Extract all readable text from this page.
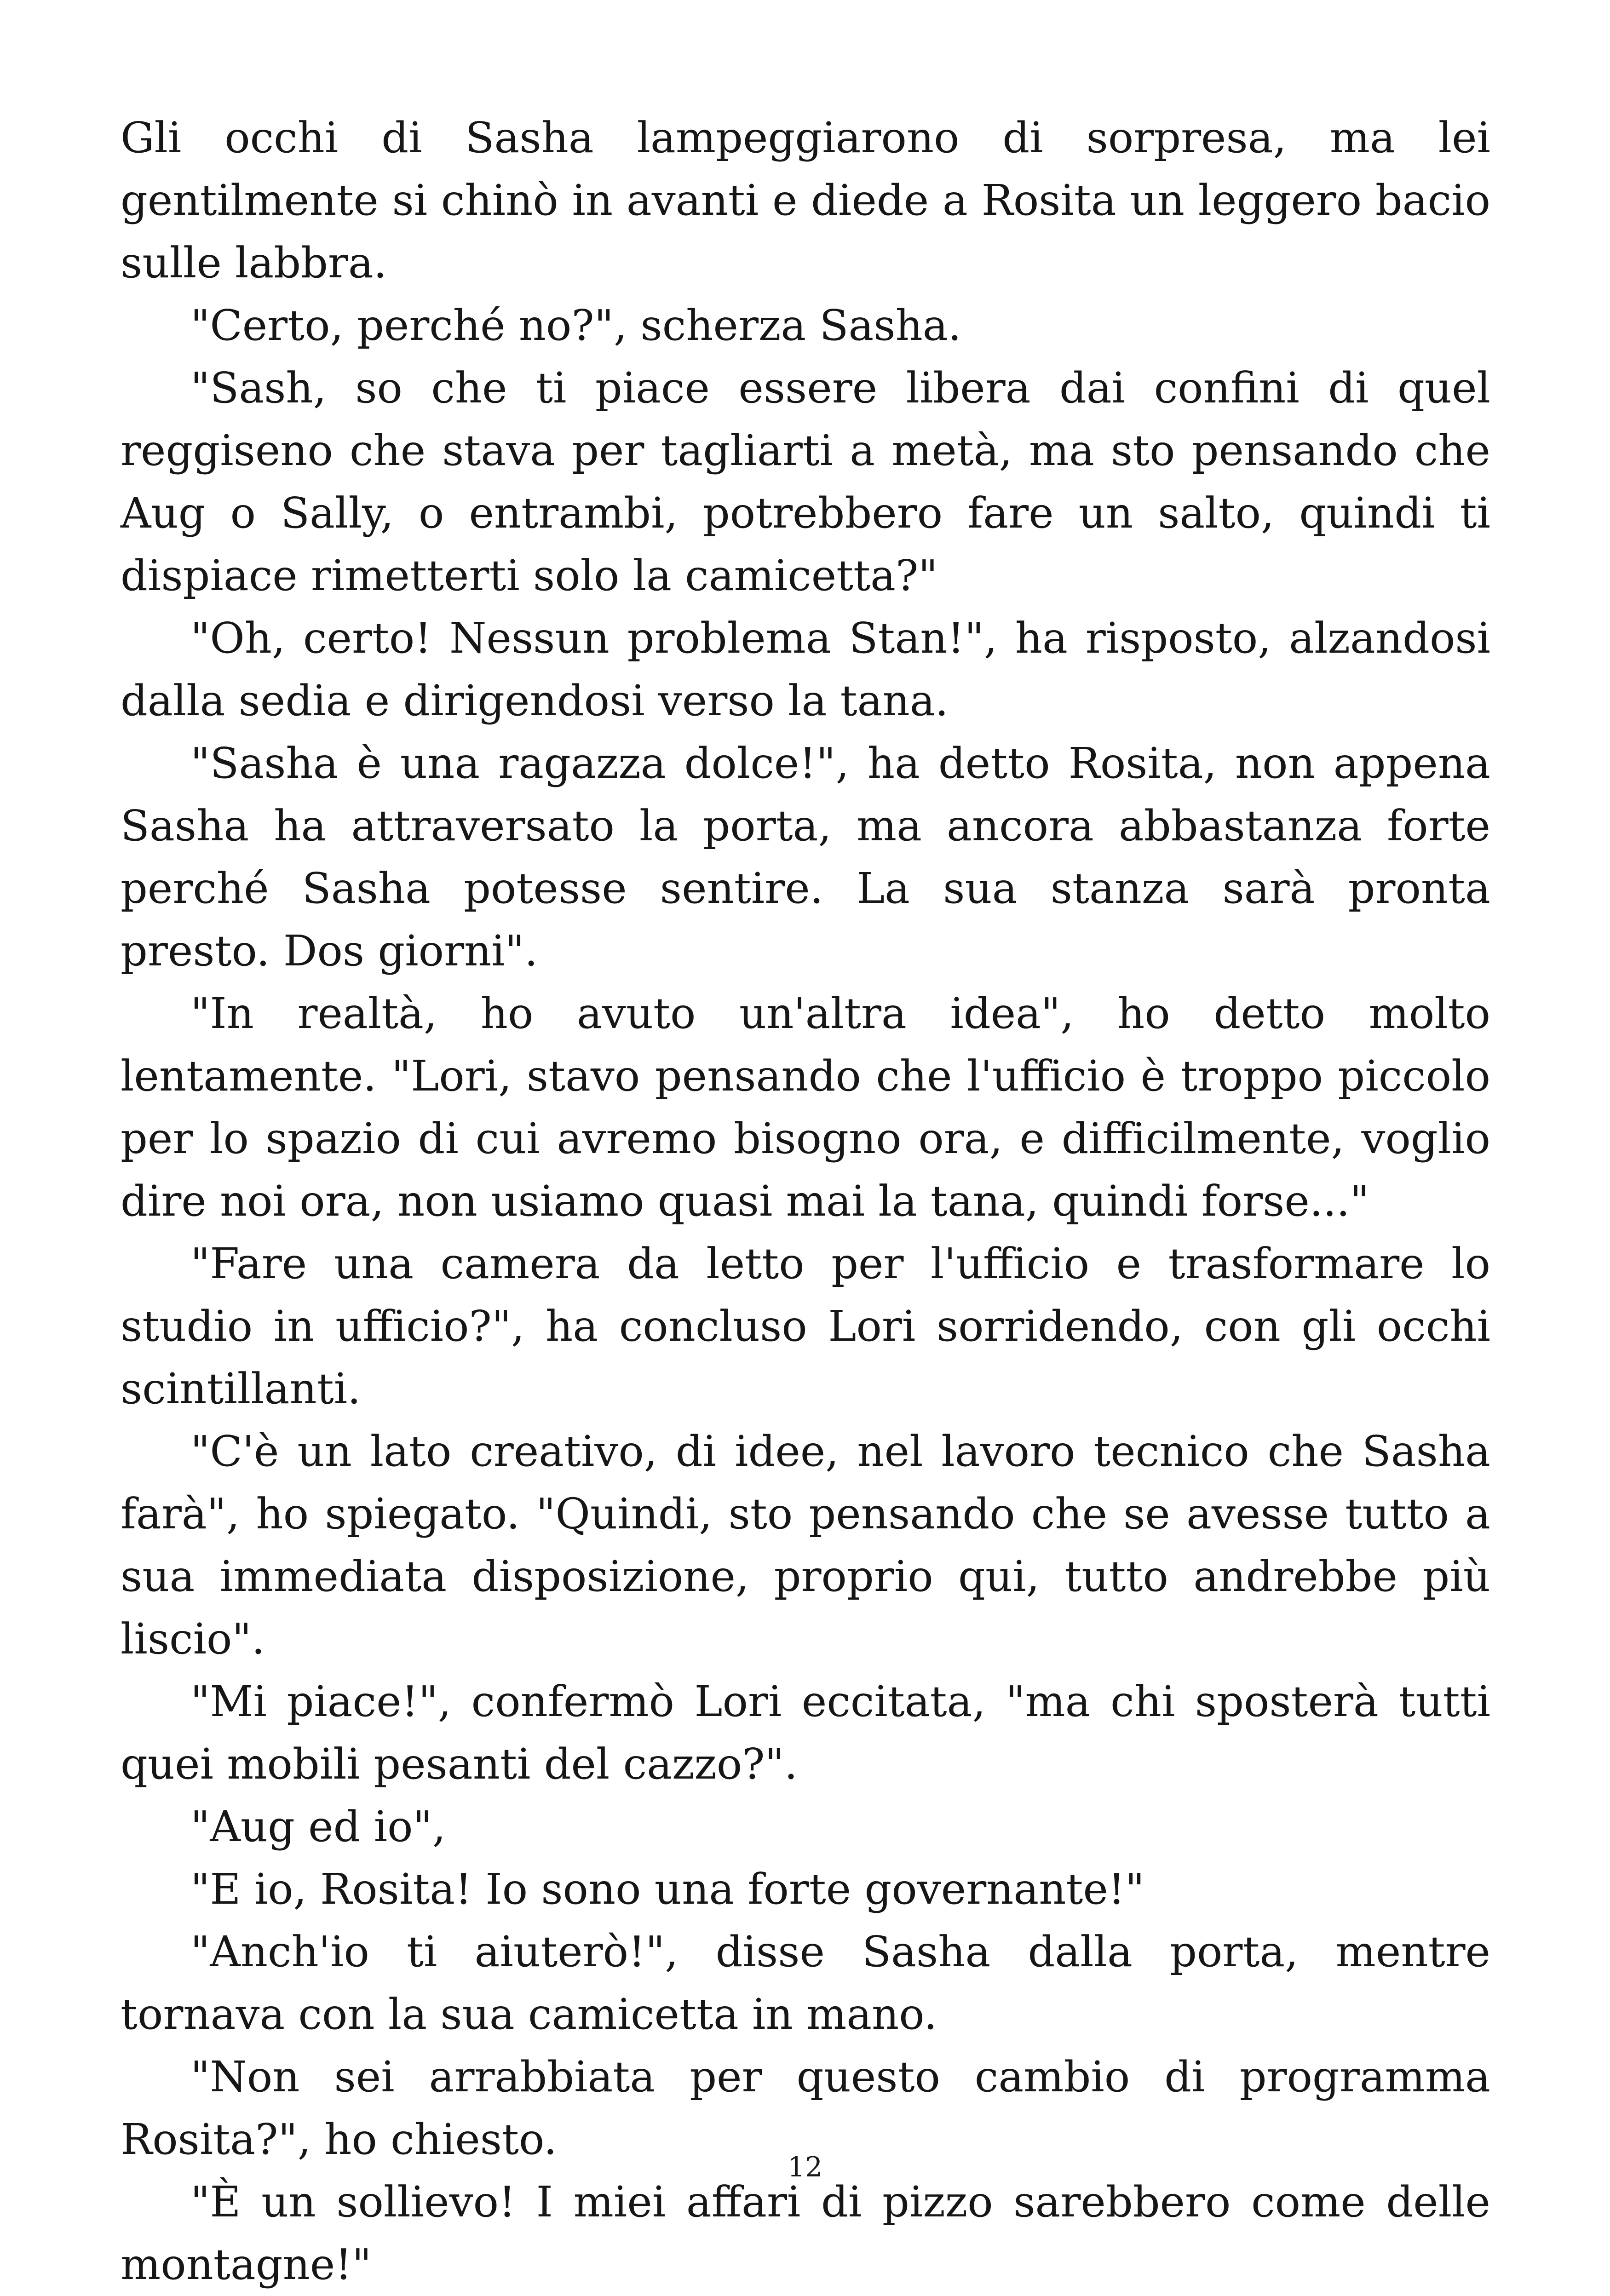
Gli occhi di Sasha lampeggiarono di sorpresa, ma lei gentilmente si chinò in avanti e diede a Rosita un leggero bacio sulle labbra.

"Certo, perché no?", scherza Sasha.

"Sash, so che ti piace essere libera dai confini di quel reggiseno che stava per tagliarti a metà, ma sto pensando che Aug o Sally, o entrambi, potrebbero fare un salto, quindi ti dispiace rimetterti solo la camicetta?"

"Oh, certo! Nessun problema Stan!", ha risposto, alzandosi dalla sedia e dirigendosi verso la tana.

"Sasha è una ragazza dolce!", ha detto Rosita, non appena Sasha ha attraversato la porta, ma ancora abbastanza forte perché Sasha potesse sentire. La sua stanza sarà pronta presto. Dos giorni".

"In realtà, ho avuto un'altra idea", ho detto molto lentamente. "Lori, stavo pensando che l'ufficio è troppo piccolo per lo spazio di cui avremo bisogno ora, e difficilmente, voglio dire noi ora, non usiamo quasi mai la tana, quindi forse..."

"Fare una camera da letto per l'ufficio e trasformare lo studio in ufficio?", ha concluso Lori sorridendo, con gli occhi scintillanti.

"C'è un lato creativo, di idee, nel lavoro tecnico che Sasha farà", ho spiegato. "Quindi, sto pensando che se avesse tutto a sua immediata disposizione, proprio qui, tutto andrebbe più liscio".

"Mi piace!", confermò Lori eccitata, "ma chi sposterà tutti quei mobili pesanti del cazzo?".

"Aug ed io",

"E io, Rosita! Io sono una forte governante!"

"Anch'io ti aiuterò!", disse Sasha dalla porta, mentre tornava con la sua camicetta in mano.

"Non sei arrabbiata per questo cambio di programma Rosita?", ho chiesto.

"È un sollievo! I miei affari di pizzo sarebbero come delle montagne!"

12
